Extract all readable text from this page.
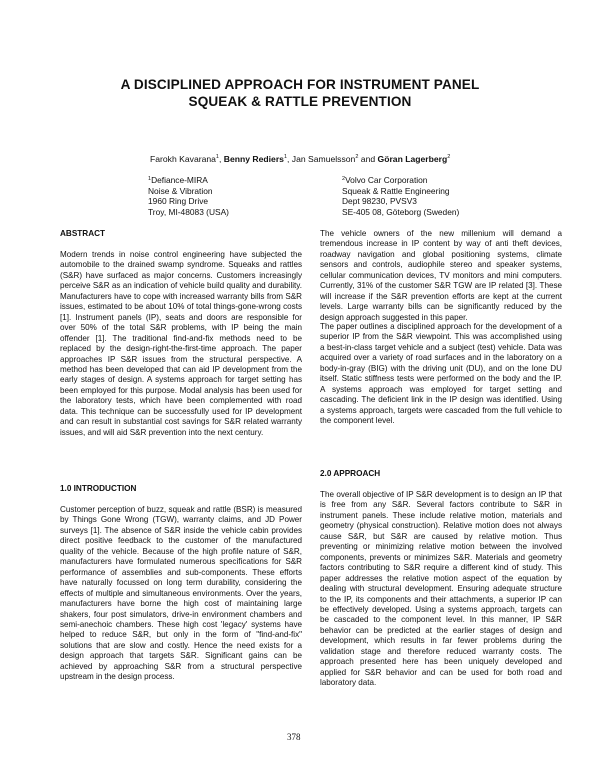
A DISCIPLINED APPROACH FOR INSTRUMENT PANEL
SQUEAK & RATTLE PREVENTION
Farokh Kavarana$^1$, Benny Rediers$^1$, Jan Samuelsson$^2$ and Göran Lagerberg$^2$
$^1$Defiance-MIRA
Noise & Vibration
1960 Ring Drive
Troy, MI-48083 (USA)
$^2$Volvo Car Corporation
Squeak & Rattle Engineering
Dept 98230, PVSV3
SE-405 08, Göteborg (Sweden)
ABSTRACT

Modern trends in noise control engineering have subjected the automobile to the drained swamp syndrome. Squeaks and rattles (S&R) have surfaced as major concerns. Customers increasingly perceive S&R as an indication of vehicle build quality and durability. Manufacturers have to cope with increased warranty bills from S&R issues, estimated to be about 10% of total things-gone-wrong costs [1]. Instrument panels (IP), seats and doors are responsible for over 50% of the total S&R problems, with IP being the main offender [1]. The traditional find-and-fix methods need to be replaced by the design-right-the-first-time approach. The paper approaches IP S&R issues from the structural perspective. A method has been developed that can aid IP development from the early stages of design. A systems approach for target setting has been employed for this purpose. Modal analysis has been used for the laboratory tests, which have been complemented with road data. This technique can be successfully used for IP development and can result in substantial cost savings for S&R related warranty issues, and will aid S&R prevention into the next century.

1.0 INTRODUCTION

Customer perception of buzz, squeak and rattle (BSR) is measured by Things Gone Wrong (TGW), warranty claims, and JD Power surveys [1]. The absence of S&R inside the vehicle cabin provides direct positive feedback to the customer of the manufactured quality of the vehicle. Because of the high profile nature of S&R, manufacturers have formulated numerous specifications for S&R performance of assemblies and sub-components. These efforts have naturally focussed on long term durability, considering the effects of multiple and simultaneous environments. Over the years, manufacturers have borne the high cost of maintaining large shakers, four post simulators, drive-in environment chambers and semi-anechoic chambers. These high cost 'legacy' systems have helped to reduce S&R, but only in the form of "find-and-fix" solutions that are slow and costly. Hence the need exists for a design approach that targets S&R. Significant gains can be achieved by approaching S&R from a structural perspective upstream in the design process.

The vehicle owners of the new millenium will demand a tremendous increase in IP content by way of anti theft devices, roadway navigation and global positioning systems, climate sensors and controls, audiophile stereo and speaker systems, cellular communication devices, TV monitors and mini computers. Currently, 31% of the customer S&R TGW are IP related [3]. These will increase if the S&R prevention efforts are kept at the current levels. Large warranty bills can be significantly reduced by the design approach suggested in this paper.

The paper outlines a disciplined approach for the development of a superior IP from the S&R viewpoint. This was accomplished using a best-in-class target vehicle and a subject (test) vehicle. Data was acquired over a variety of road surfaces and in the laboratory on a body-in-gray (BIG) with the driving unit (DU), and on the lone DU itself. Static stiffness tests were performed on the body and the IP. A systems approach was employed for target setting and cascading. The deficient link in the IP design was identified. Using a systems approach, targets were cascaded from the full vehicle to the component level.

2.0 APPROACH

The overall objective of IP S&R development is to design an IP that is free from any S&R. Several factors contribute to S&R in instrument panels. These include relative motion, materials and geometry (physical construction). Relative motion does not always cause S&R, but S&R are caused by relative motion. Thus preventing or minimizing relative motion between the involved components, prevents or minimizes S&R. Materials and geometry factors contributing to S&R require a different kind of study. This paper addresses the relative motion aspect of the equation by dealing with structural development. Ensuring adequate structure to the IP, its components and their attachments, a superior IP can be effectively developed. Using a systems approach, targets can be cascaded to the component level. In this manner, IP S&R behavior can be predicted at the earlier stages of design and development, which results in far fewer problems during the validation stage and therefore reduced warranty costs. The approach presented here has been uniquely developed and applied for S&R behavior and can be used for both road and laboratory data.

378
